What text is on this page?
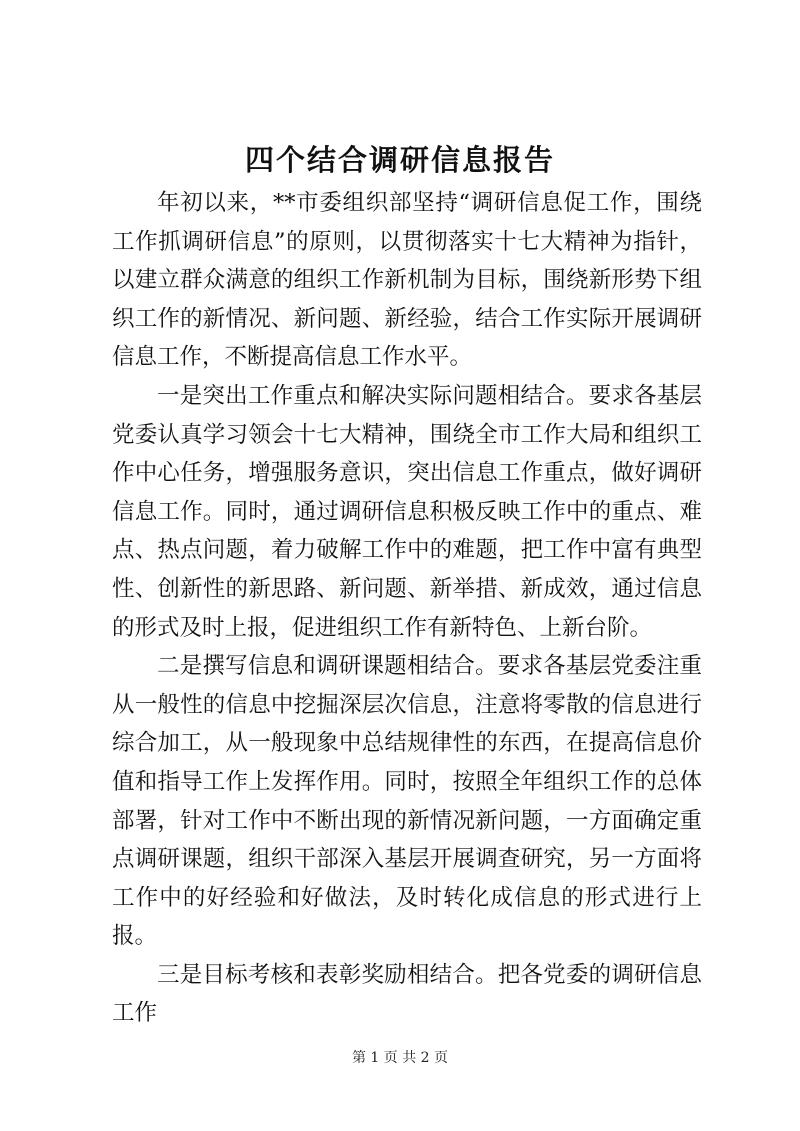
四个结合调研信息报告

年初以来，**市委组织部坚持“调研信息促工作，围绕工作抓调研信息”的原则，以贯彻落实十七大精神为指针，以建立群众满意的组织工作新机制为目标，围绕新形势下组织工作的新情况、新问题、新经验，结合工作实际开展调研信息工作，不断提高信息工作水平。

一是突出工作重点和解决实际问题相结合。要求各基层党委认真学习领会十七大精神，围绕全市工作大局和组织工作中心任务，增强服务意识，突出信息工作重点，做好调研信息工作。同时，通过调研信息积极反映工作中的重点、难点、热点问题，着力破解工作中的难题，把工作中富有典型性、创新性的新思路、新问题、新举措、新成效，通过信息的形式及时上报，促进组织工作有新特色、上新台阶。

二是撰写信息和调研课题相结合。要求各基层党委注重从一般性的信息中挖掘深层次信息，注意将零散的信息进行综合加工，从一般现象中总结规律性的东西，在提高信息价值和指导工作上发挥作用。同时，按照全年组织工作的总体部署，针对工作中不断出现的新情况新问题，一方面确定重点调研课题，组织干部深入基层开展调查研究，另一方面将工作中的好经验和好做法，及时转化成信息的形式进行上报。

三是目标考核和表彰奖励相结合。把各党委的调研信息工作

第 1 页 共 2 页
